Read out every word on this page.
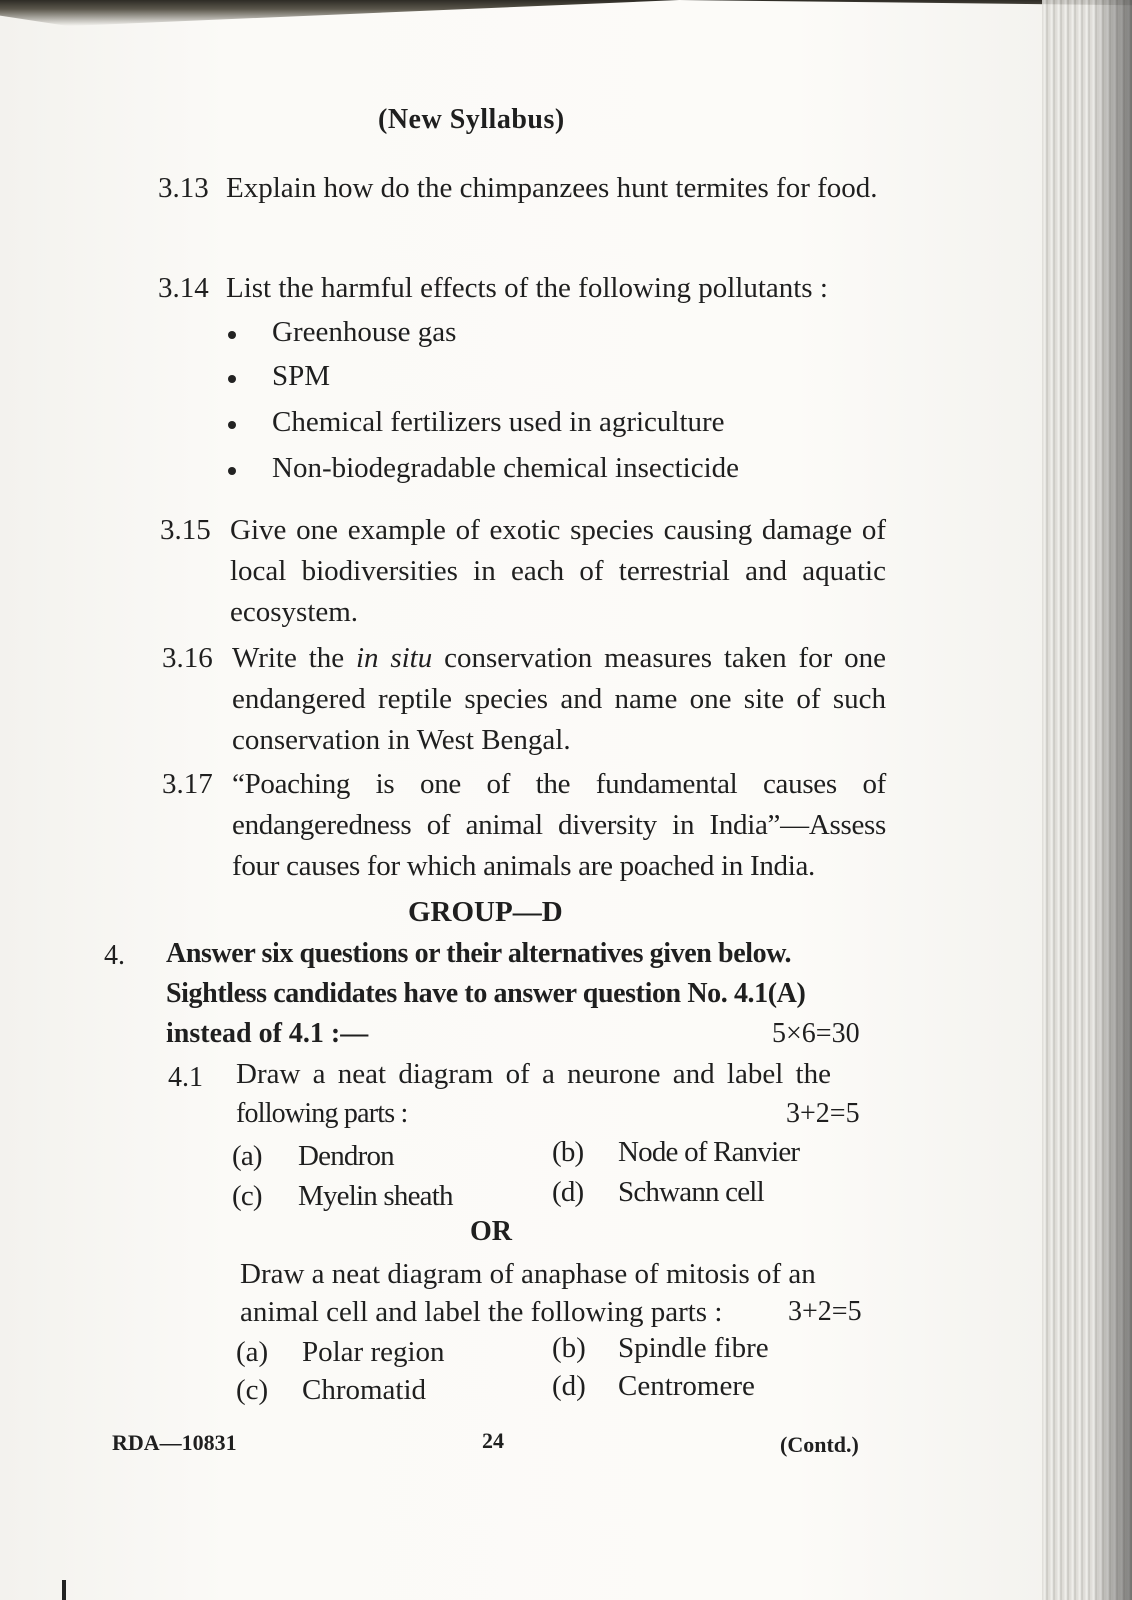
(New Syllabus)
3.13 Explain how do the chimpanzees hunt termites for food.
3.14 List the harmful effects of the following pollutants :
Greenhouse gas
SPM
Chemical fertilizers used in agriculture
Non-biodegradable chemical insecticide
3.15 Give one example of exotic species causing damage of local biodiversities in each of terrestrial and aquatic ecosystem.
3.16 Write the in situ conservation measures taken for one endangered reptile species and name one site of such conservation in West Bengal.
3.17 “Poaching is one of the fundamental causes of endangeredness of animal diversity in India”—Assess four causes for which animals are poached in India.
GROUP—D
4. Answer six questions or their alternatives given below.
Sightless candidates have to answer question No. 4.1(A)
instead of 4.1 :—	5×6=30
4.1 Draw a neat diagram of a neurone and label the
following parts :	3+2=5
(a) Dendron	(b) Node of Ranvier
(c) Myelin sheath	(d) Schwann cell
OR
Draw a neat diagram of anaphase of mitosis of an
animal cell and label the following parts : 3+2=5
(a) Polar region	(b) Spindle fibre
(c) Chromatid	(d) Centromere
RDA—10831	24	(Contd.)
